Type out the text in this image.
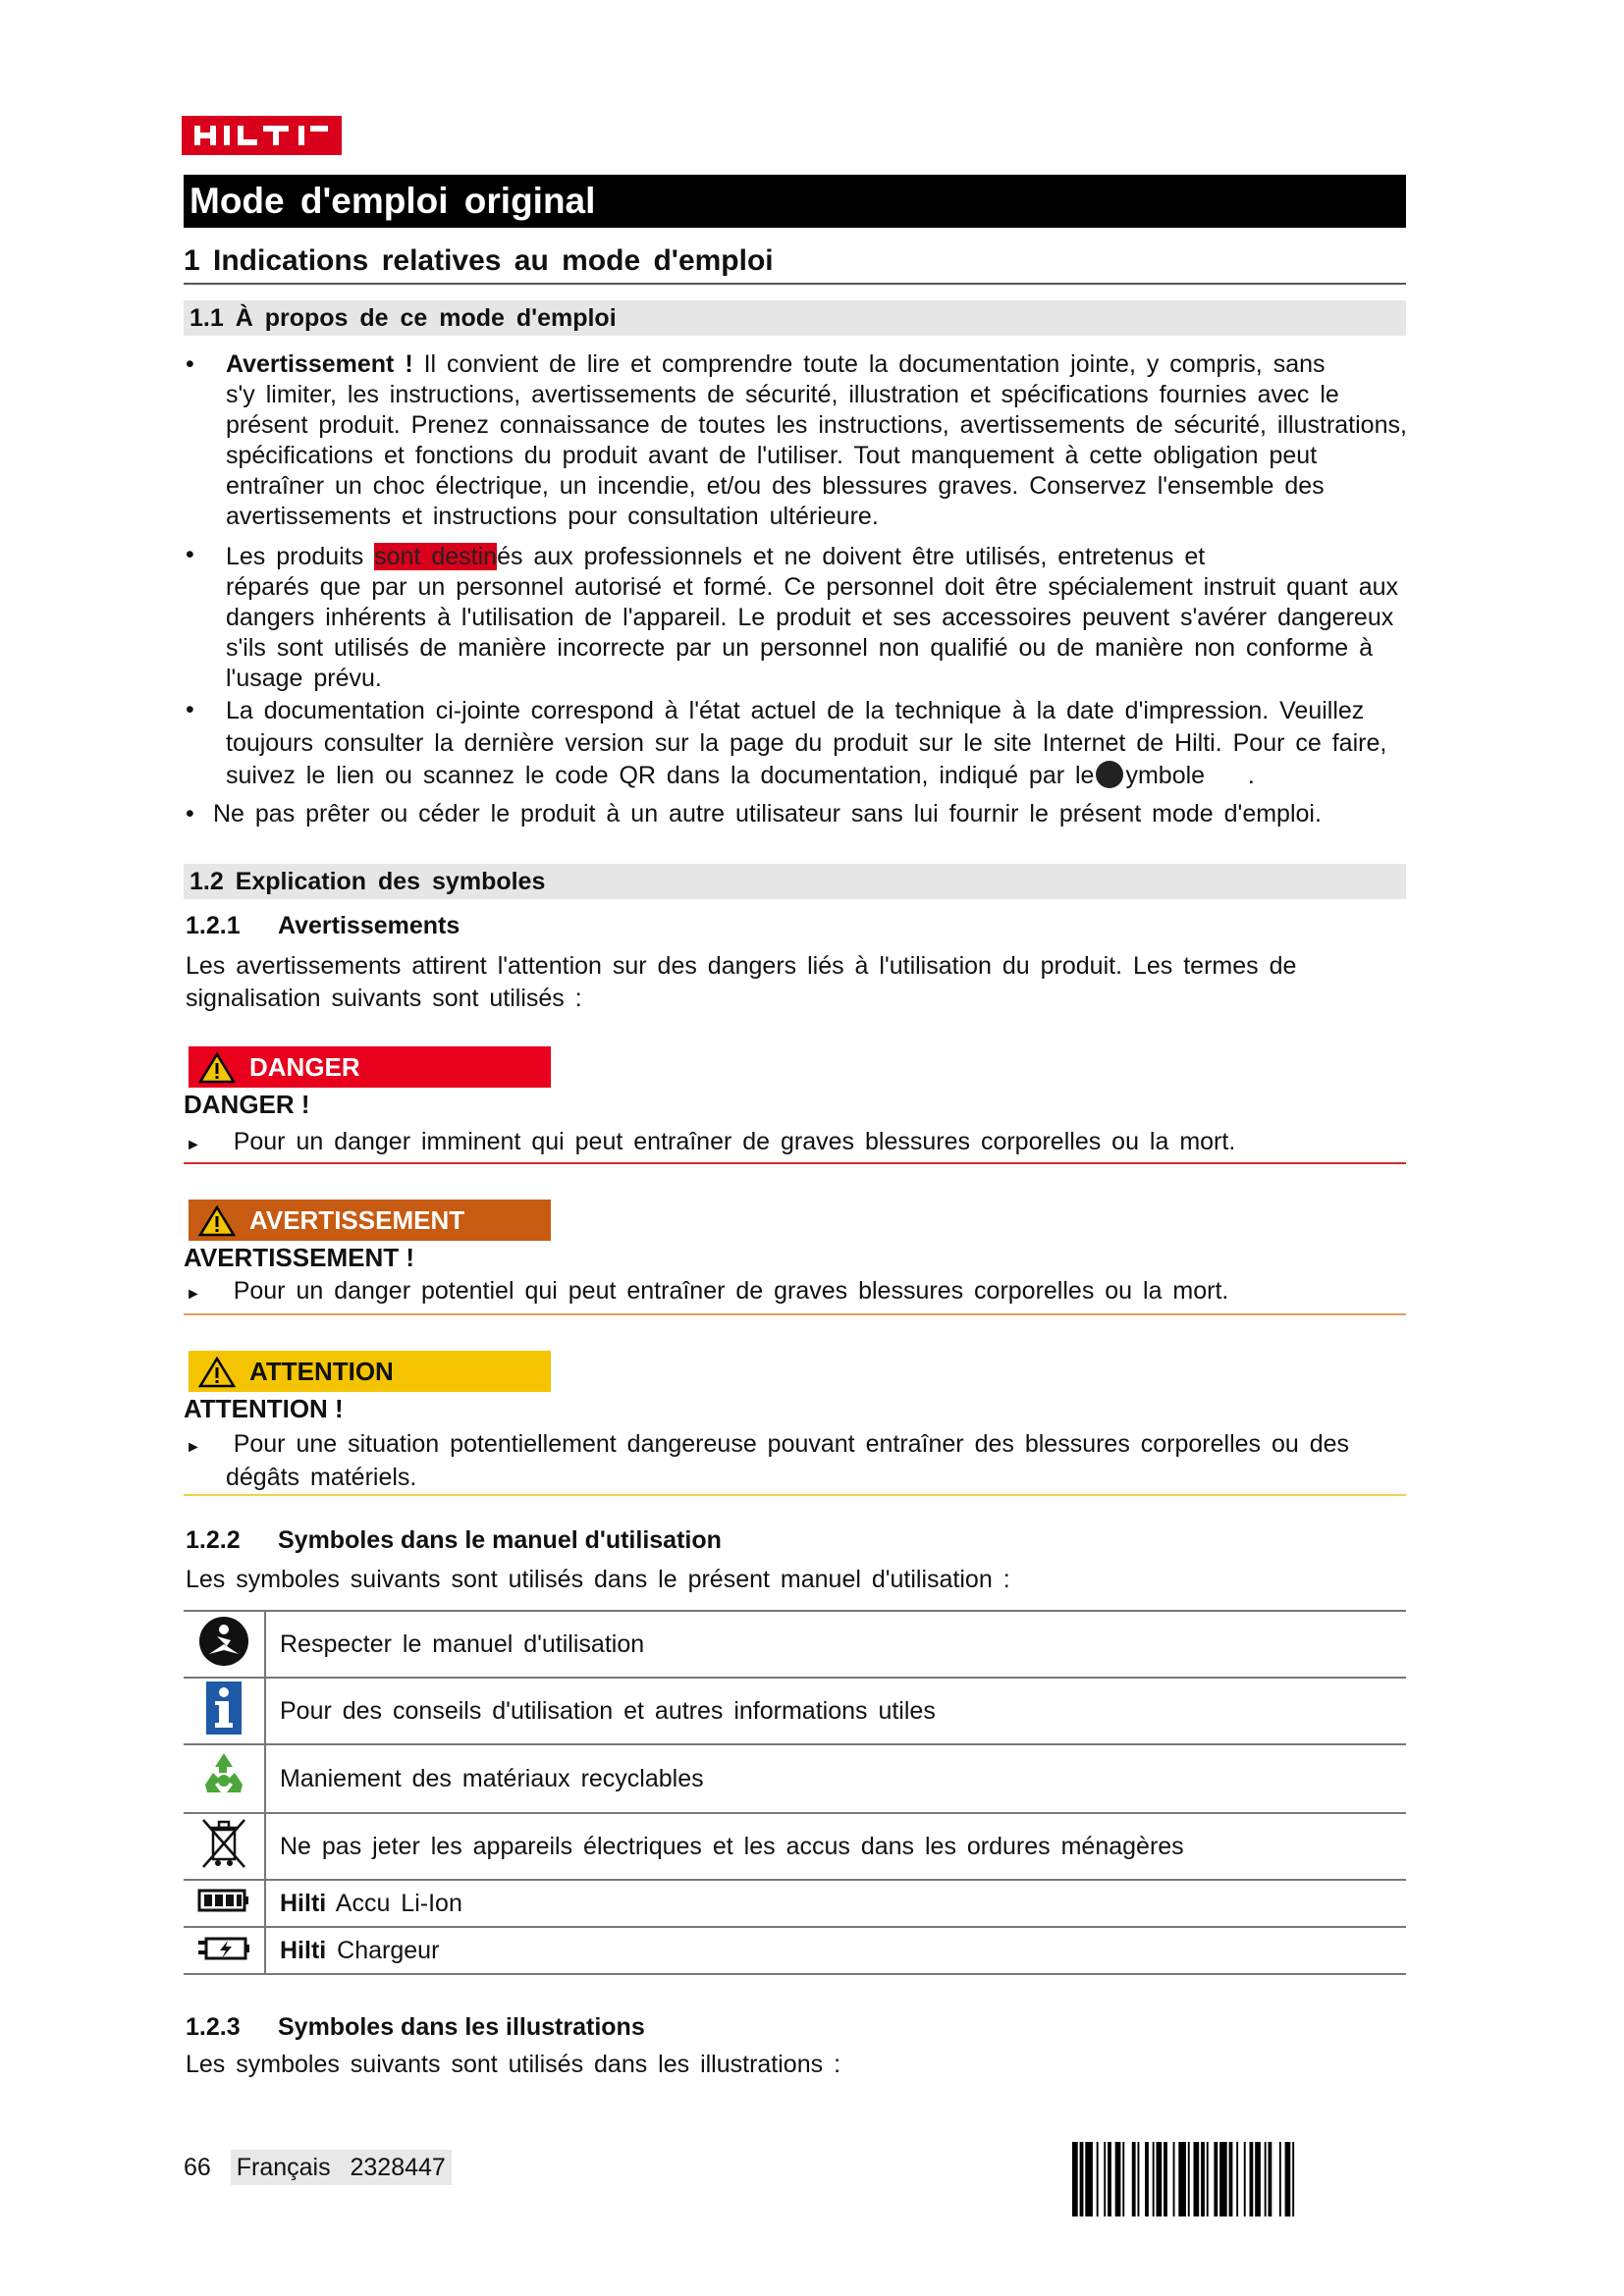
Mode d'emploi original
1 Indications relatives au mode d'emploi
1.1 À propos de ce mode d'emploi
• Avertissement ! Il convient de lire et comprendre toute la documentation jointe, y compris, sans
s'y limiter, les instructions, avertissements de sécurité, illustration et spécifications fournies avec le
présent produit. Prenez connaissance de toutes les instructions, avertissements de sécurité, illustrations,
spécifications et fonctions du produit avant de l'utiliser. Tout manquement à cette obligation peut
entraîner un choc électrique, un incendie, et/ou des blessures graves. Conservez l'ensemble des
avertissements et instructions pour consultation ultérieure.
• Les produits sont destinés aux professionnels et ne doivent être utilisés, entretenus et
réparés que par un personnel autorisé et formé. Ce personnel doit être spécialement instruit quant aux
dangers inhérents à l'utilisation de l'appareil. Le produit et ses accessoires peuvent s'avérer dangereux
s'ils sont utilisés de manière incorrecte par un personnel non qualifié ou de manière non conforme à
l'usage prévu.
• La documentation ci-jointe correspond à l'état actuel de la technique à la date d'impression. Veuillez
toujours consulter la dernière version sur la page du produit sur le site Internet de Hilti. Pour ce faire,
suivez le lien ou scannez le code QR dans la documentation, indiqué par le ymbole .
• Ne pas prêter ou céder le produit à un autre utilisateur sans lui fournir le présent mode d'emploi.
1.2 Explication des symboles
1.2.1 Avertissements
Les avertissements attirent l'attention sur des dangers liés à l'utilisation du produit. Les termes de
signalisation suivants sont utilisés :
DANGER
DANGER !
► Pour un danger imminent qui peut entraîner de graves blessures corporelles ou la mort.
AVERTISSEMENT
AVERTISSEMENT !
► Pour un danger potentiel qui peut entraîner de graves blessures corporelles ou la mort.
ATTENTION
ATTENTION !
► Pour une situation potentiellement dangereuse pouvant entraîner des blessures corporelles ou des
dégâts matériels.
1.2.2 Symboles dans le manuel d'utilisation
Les symboles suivants sont utilisés dans le présent manuel d'utilisation :
	Respecter le manuel d'utilisation
	Pour des conseils d'utilisation et autres informations utiles
	Maniement des matériaux recyclables
	Ne pas jeter les appareils électriques et les accus dans les ordures ménagères
	Hilti Accu Li-Ion
	Hilti Chargeur
1.2.3 Symboles dans les illustrations
Les symboles suivants sont utilisés dans les illustrations :
66 Français 2328447
